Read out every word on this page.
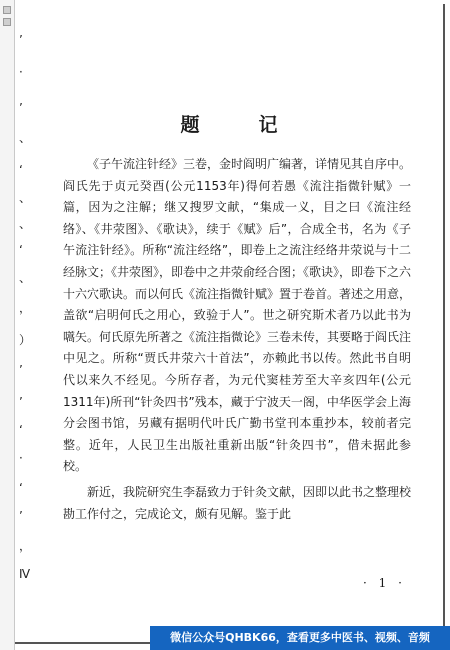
’
·
’
、
‘
、
、
‘
、
，
）
’
’
‘
·
‘
’
，
Ⅳ
题　记

《子午流注针经》三卷，金时阎明广编著，详情见其自序中。阎氏先于贞元癸酉(公元1153年)得何若愚《流注指微针赋》一篇，因为之注解；继又搜罗文献，“集成一义，目之曰《流注经络》、《井荥图》、《歌诀》，续于《赋》后”，合成全书，名为《子午流注针经》。所称“流注经络”，即卷上之流注经络井荥说与十二经脉文；《井荥图》，即卷中之井荥俞经合图；《歌诀》，即卷下之六十六穴歌诀。而以何氏《流注指微针赋》置于卷首。著述之用意，盖欲“启明何氏之用心，致验于人”。世之研究斯术者乃以此书为嚆矢。何氏原先所著之《流注指微论》三卷未传，其要略于阎氏注中见之。所称“贾氏井荥六十首法”，亦赖此书以传。然此书自明代以来久不经见。今所存者，为元代窦桂芳至大辛亥四年(公元1311年)所刊“针灸四书”残本，藏于宁波天一阁，中华医学会上海分会图书馆，另藏有据明代叶氏广勤书堂刊本重抄本，较前者完整。近年，人民卫生出版社重新出版“针灸四书”，借未据此参校。

新近，我院研究生李磊致力于针灸文献，因即以此书之整理校勘工作付之，完成论文，颇有见解。鉴于此

· 1 ·
微信公众号QHBK66，查看更多中医书、视频、音频
